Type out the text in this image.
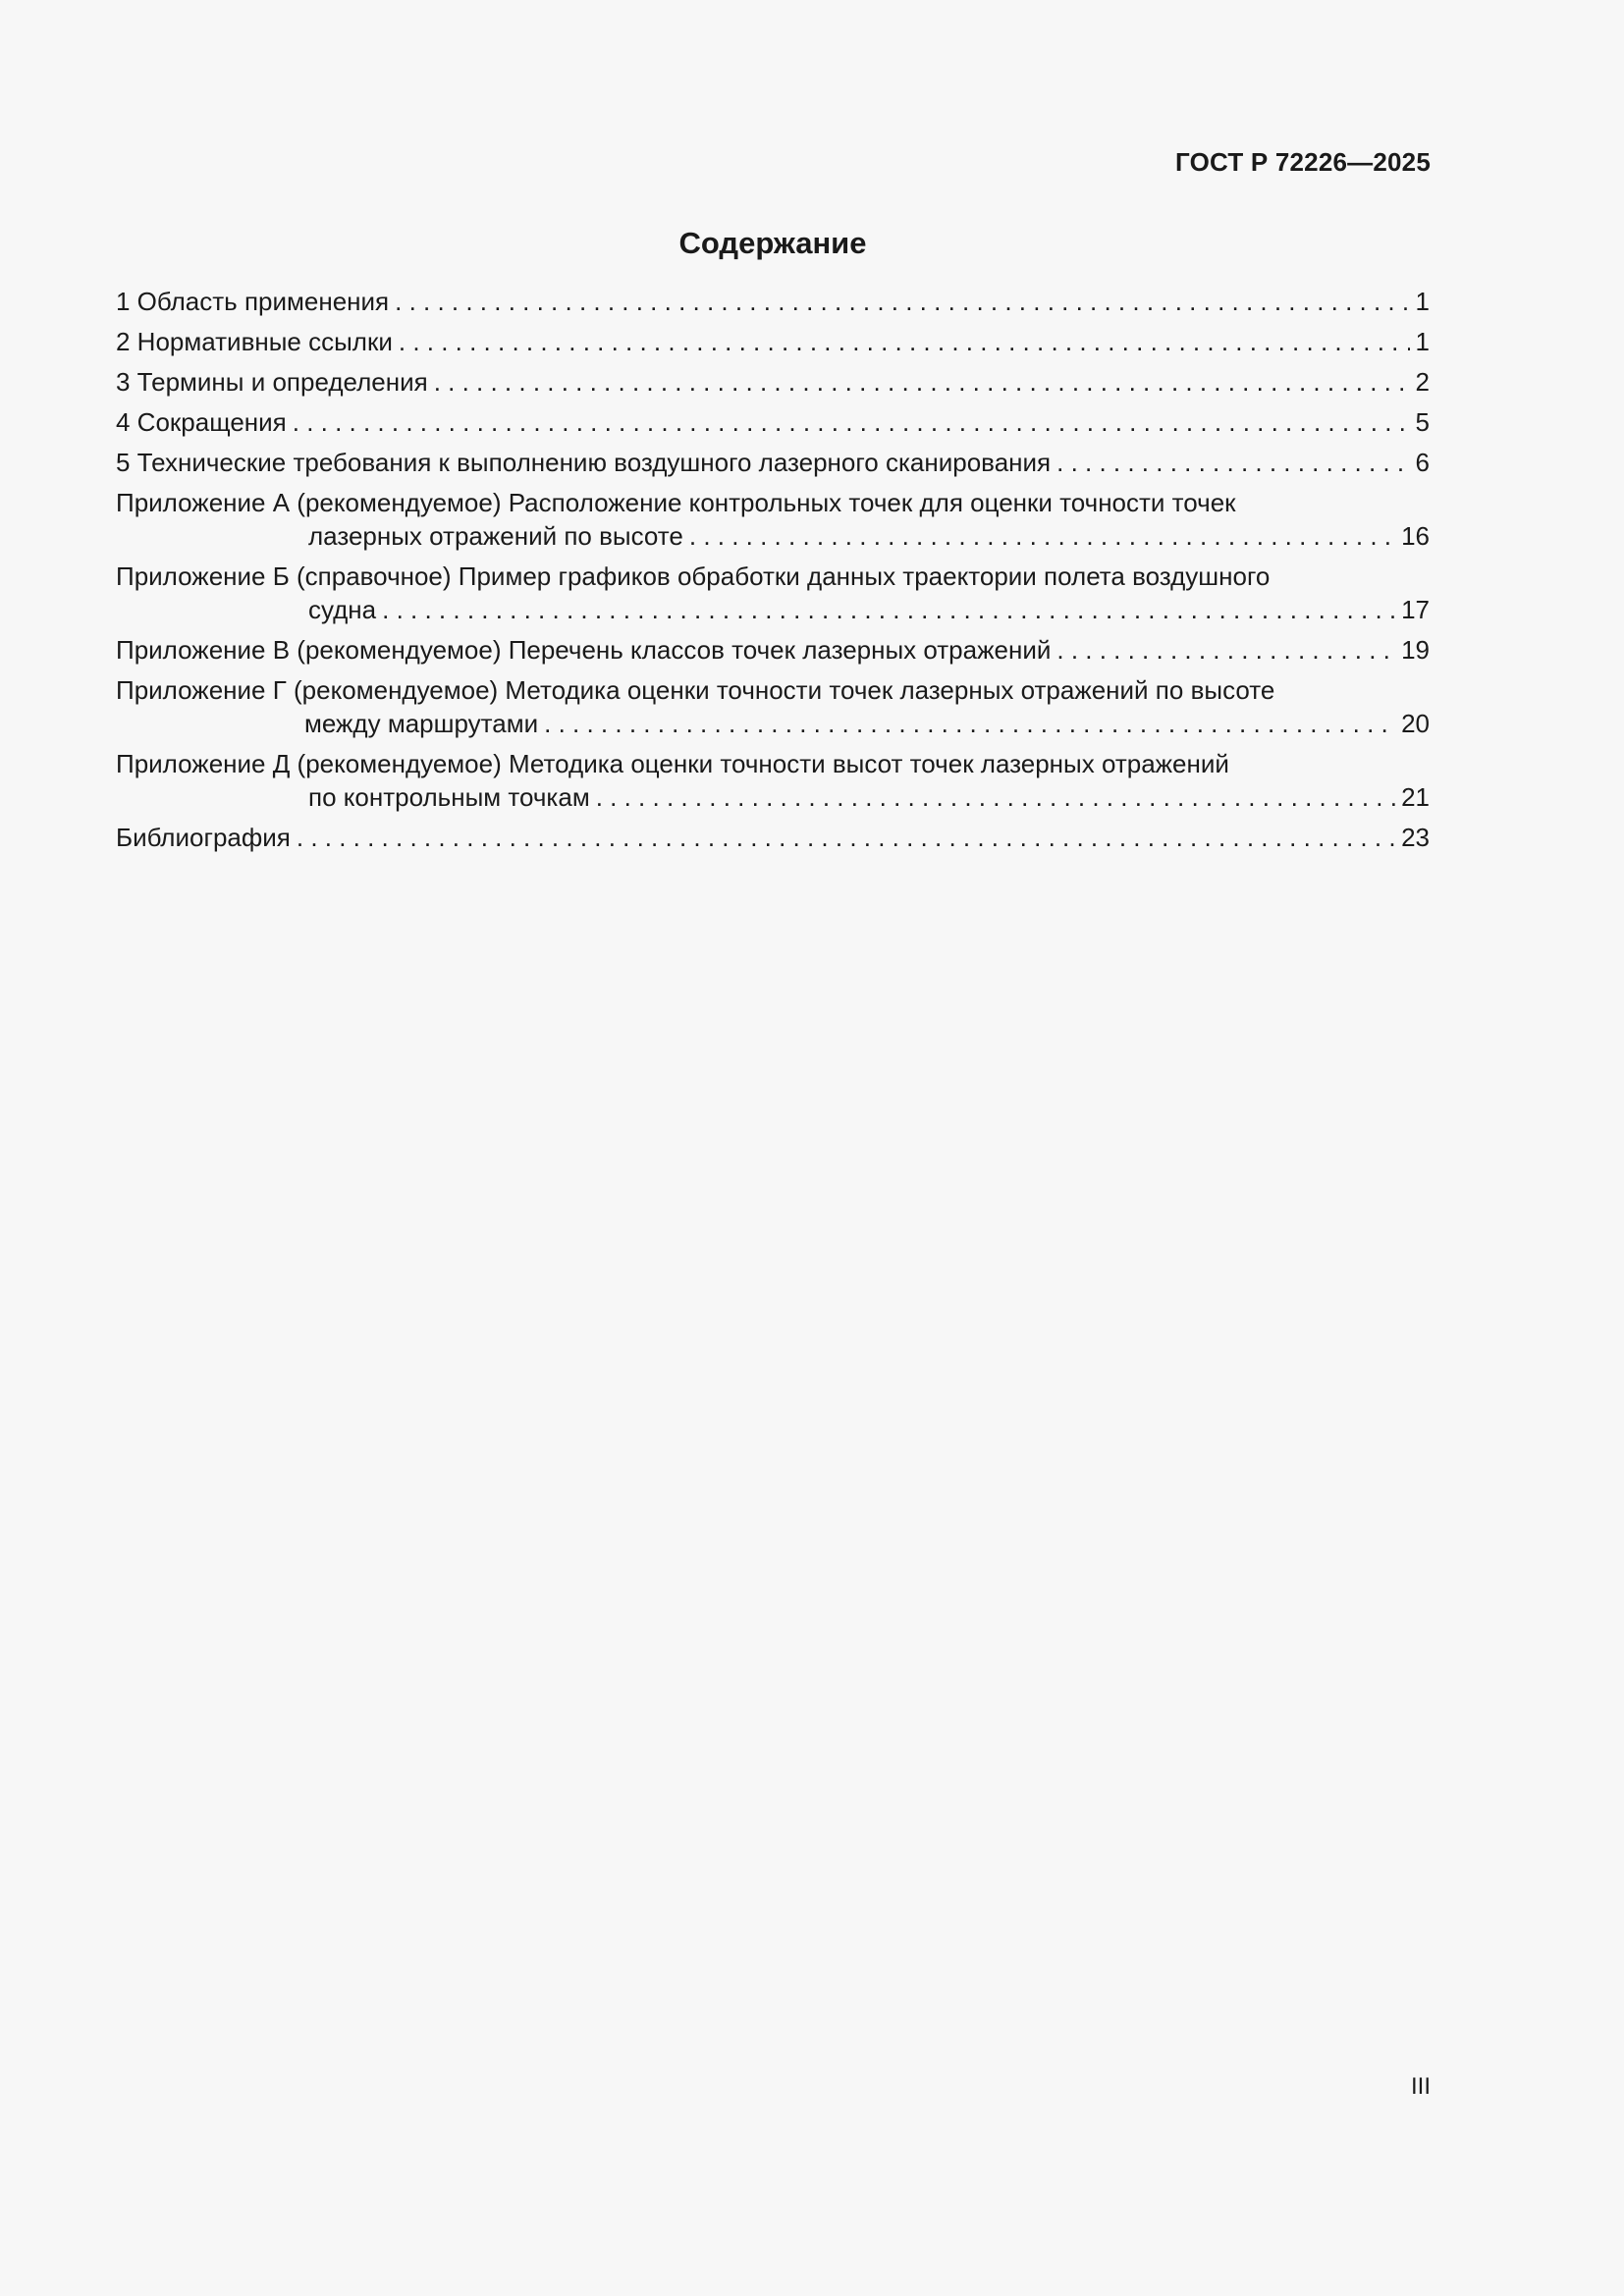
ГОСТ Р 72226—2025
Содержание
1 Область применения . . .	1
2 Нормативные ссылки . . .	1
3 Термины и определения . . .	2
4 Сокращения . . .	5
5 Технические требования к выполнению воздушного лазерного сканирования . . .	6
Приложение А (рекомендуемое) Расположение контрольных точек для оценки точности точек
лазерных отражений по высоте . . .	16
Приложение Б (справочное) Пример графиков обработки данных траектории полета воздушного
судна . . .	17
Приложение В (рекомендуемое) Перечень классов точек лазерных отражений . . .	19
Приложение Г (рекомендуемое) Методика оценки точности точек лазерных отражений по высоте
между маршрутами . . .	20
Приложение Д (рекомендуемое) Методика оценки точности высот точек лазерных отражений
по контрольным точкам . . .	21
Библиография . . .	23
III
